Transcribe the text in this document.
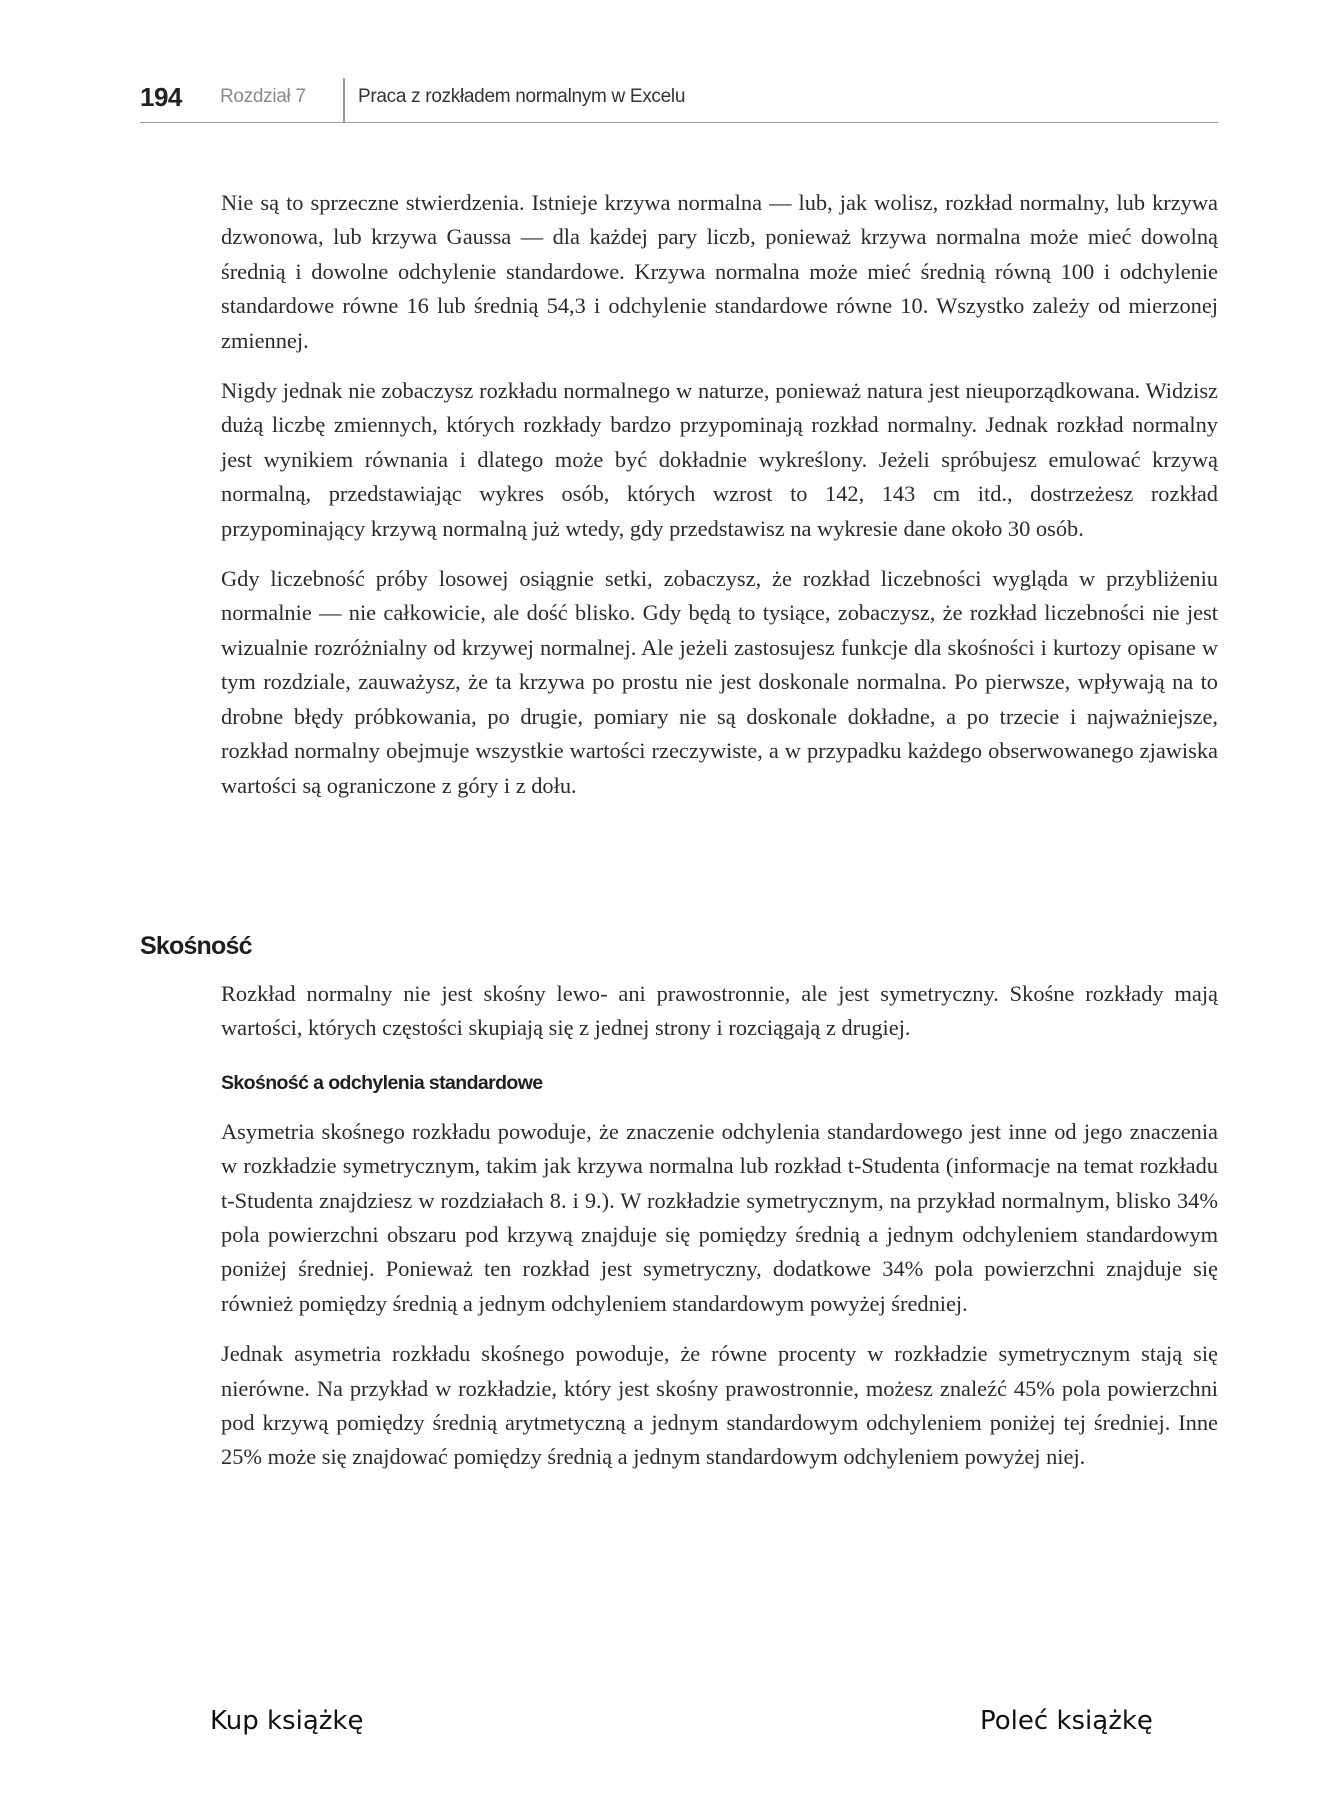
194 Rozdział 7	Praca z rozkładem normalnym w Excelu

Nie są to sprzeczne stwierdzenia. Istnieje krzywa normalna — lub, jak wolisz, rozkład normalny, lub krzywa dzwonowa, lub krzywa Gaussa — dla każdej pary liczb, ponieważ krzywa normalna może mieć dowolną średnią i dowolne odchylenie standardowe. Krzywa normalna może mieć średnią równą 100 i odchylenie standardowe równe 16 lub średnią 54,3 i odchylenie standardowe równe 10. Wszystko zależy od mierzonej zmiennej.

Nigdy jednak nie zobaczysz rozkładu normalnego w naturze, ponieważ natura jest nieuporządkowana. Widzisz dużą liczbę zmiennych, których rozkłady bardzo przypominają rozkład normalny. Jednak rozkład normalny jest wynikiem równania i dlatego może być dokładnie wykreślony. Jeżeli spróbujesz emulować krzywą normalną, przedstawiając wykres osób, których wzrost to 142, 143 cm itd., dostrzeżesz rozkład przypominający krzywą normalną już wtedy, gdy przedstawisz na wykresie dane około 30 osób.

Gdy liczebność próby losowej osiągnie setki, zobaczysz, że rozkład liczebności wygląda w przybliżeniu normalnie — nie całkowicie, ale dość blisko. Gdy będą to tysiące, zobaczysz, że rozkład liczebności nie jest wizualnie rozróżnialny od krzywej normalnej. Ale jeżeli zastosujesz funkcje dla skośności i kurtozy opisane w tym rozdziale, zauważysz, że ta krzywa po prostu nie jest doskonale normalna. Po pierwsze, wpływają na to drobne błędy próbkowania, po drugie, pomiary nie są doskonale dokładne, a po trzecie i najważniejsze, rozkład normalny obejmuje wszystkie wartości rzeczywiste, a w przypadku każdego obserwowanego zjawiska wartości są ograniczone z góry i z dołu.

Skośność

Rozkład normalny nie jest skośny lewo- ani prawostronnie, ale jest symetryczny. Skośne rozkłady mają wartości, których częstości skupiają się z jednej strony i rozciągają z drugiej.

Skośność a odchylenia standardowe

Asymetria skośnego rozkładu powoduje, że znaczenie odchylenia standardowego jest inne od jego znaczenia w rozkładzie symetrycznym, takim jak krzywa normalna lub rozkład t-Studenta (informacje na temat rozkładu t-Studenta znajdziesz w rozdziałach 8. i 9.). W rozkładzie symetrycznym, na przykład normalnym, blisko 34% pola powierzchni obszaru pod krzywą znajduje się pomiędzy średnią a jednym odchyleniem standardowym poniżej średniej. Ponieważ ten rozkład jest symetryczny, dodatkowe 34% pola powierzchni znajduje się również pomiędzy średnią a jednym odchyleniem standardowym powyżej średniej.

Jednak asymetria rozkładu skośnego powoduje, że równe procenty w rozkładzie symetrycznym stają się nierówne. Na przykład w rozkładzie, który jest skośny prawostronnie, możesz znaleźć 45% pola powierzchni pod krzywą pomiędzy średnią arytmetyczną a jednym standardowym odchyleniem poniżej tej średniej. Inne 25% może się znajdować pomiędzy średnią a jednym standardowym odchyleniem powyżej niej.

Kup książkę	Poleć książkę
